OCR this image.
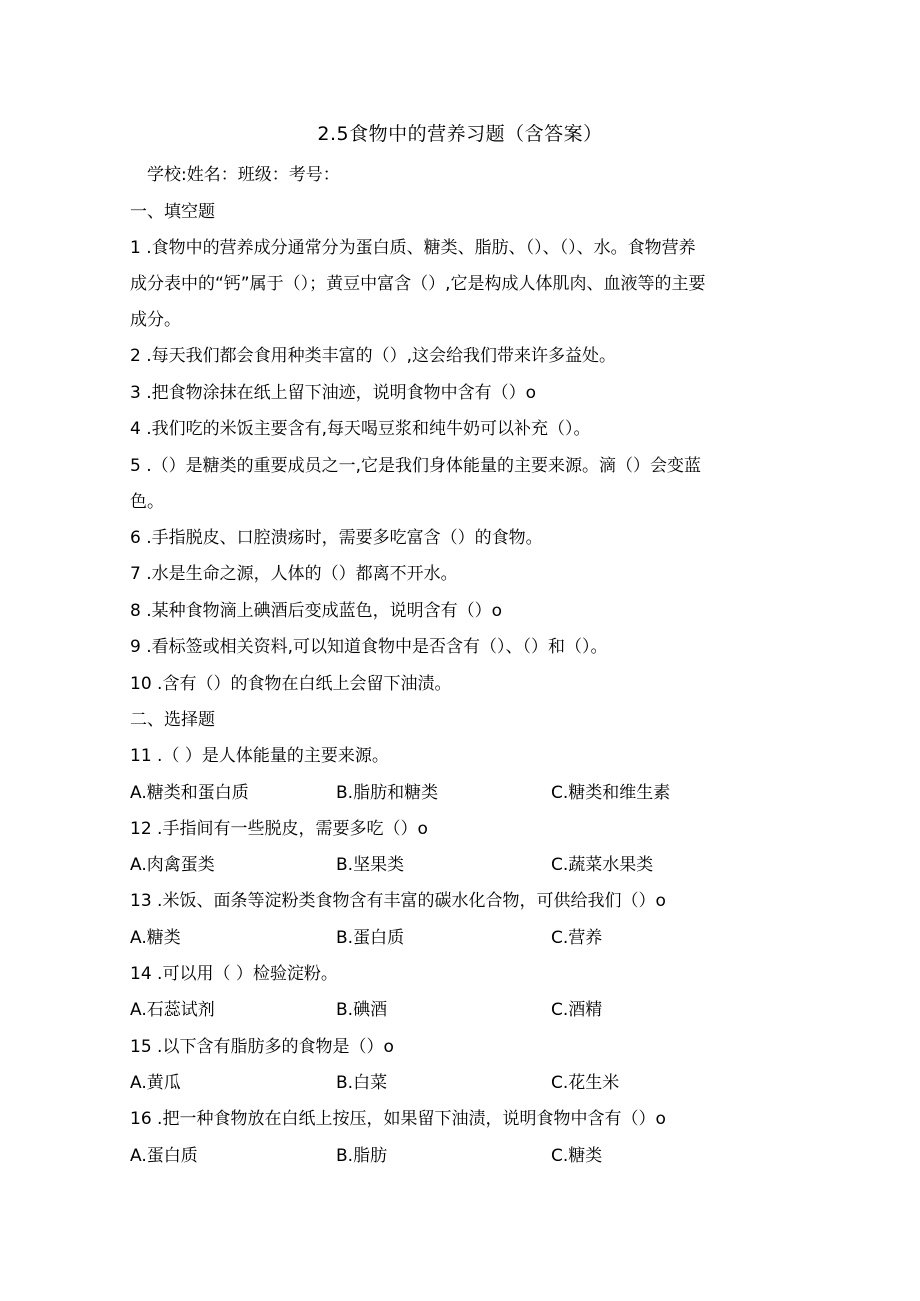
2.5食物中的营养习题（含答案）
学校:姓名：班级：考号：
一、填空题
1 .食物中的营养成分通常分为蛋白质、糖类、脂肪、（）、（）、水。食物营养
成分表中的“钙”属于（）；黄豆中富含（）,它是构成人体肌肉、血液等的主要
成分。
2 .每天我们都会食用种类丰富的（）,这会给我们带来许多益处。
3 .把食物涂抹在纸上留下油迹，说明食物中含有（）o
4 .我们吃的米饭主要含有,每天喝豆浆和纯牛奶可以补充（）。
5 .（）是糖类的重要成员之一,它是我们身体能量的主要来源。滴（）会变蓝
色。
6 .手指脱皮、口腔溃疡时，需要多吃富含（）的食物。
7 .水是生命之源，人体的（）都离不开水。
8 .某种食物滴上碘酒后变成蓝色，说明含有（）o
9 .看标签或相关资料,可以知道食物中是否含有（）、（）和（）。
10 .含有（）的食物在白纸上会留下油渍。
二、选择题
11 .（ ）是人体能量的主要来源。
A.糖类和蛋白质	B.脂肪和糖类	C.糖类和维生素
12 .手指间有一些脱皮，需要多吃（）o
A.肉禽蛋类	B.坚果类	C.蔬菜水果类
13 .米饭、面条等淀粉类食物含有丰富的碳水化合物，可供给我们（）o
A.糖类	B.蛋白质	C.营养
14 .可以用（ ）检验淀粉。
A.石蕊试剂	B.碘酒	C.酒精
15 .以下含有脂肪多的食物是（）o
A.黄瓜	B.白菜	C.花生米
16 .把一种食物放在白纸上按压，如果留下油渍，说明食物中含有（）o
A.蛋白质	B.脂肪	C.糖类
